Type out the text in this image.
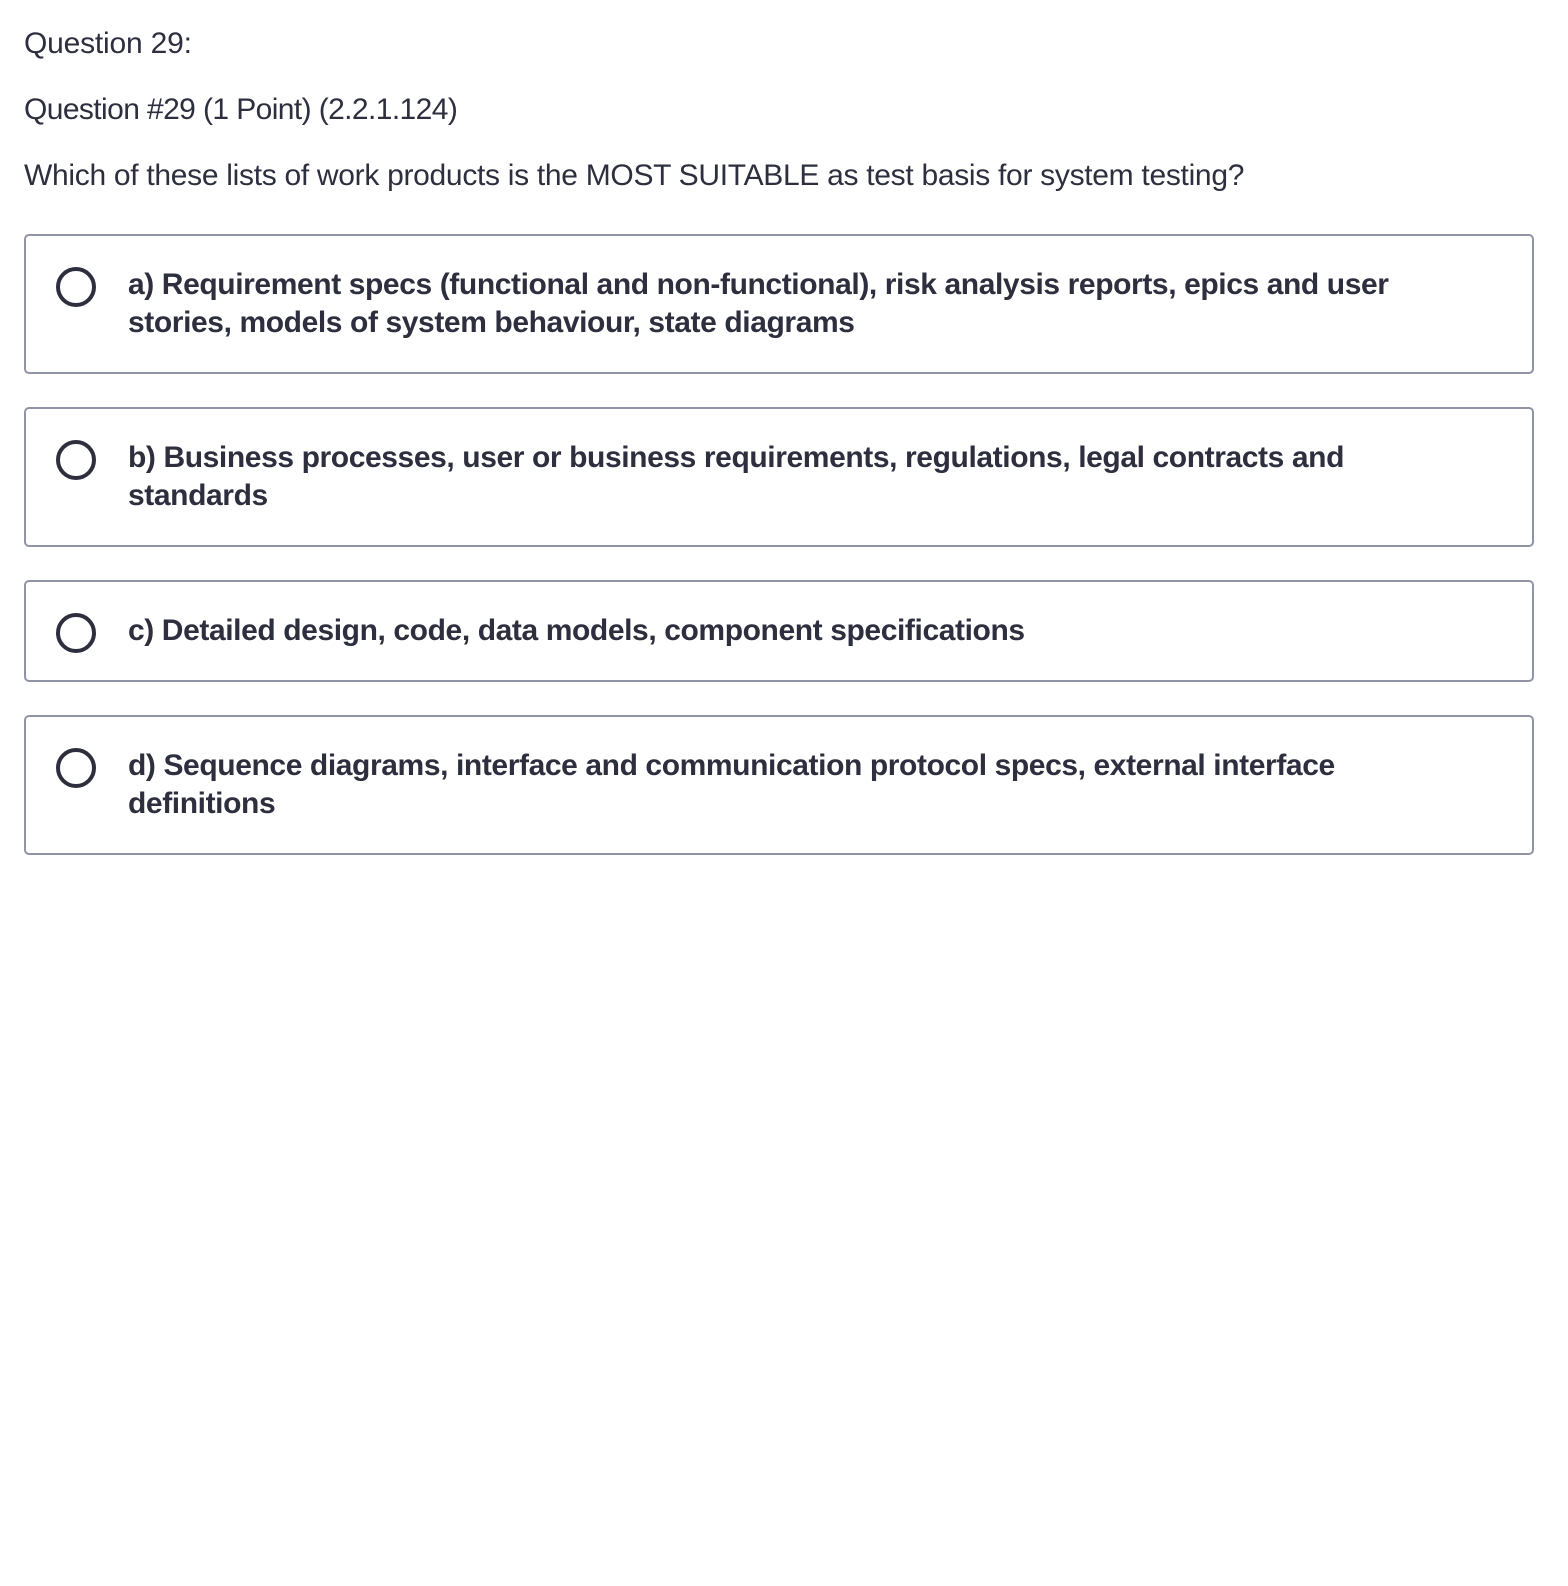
Question 29:
Question #29 (1 Point) (2.2.1.124)
Which of these lists of work products is the MOST SUITABLE as test basis for system testing?
a) Requirement specs (functional and non-functional), risk analysis reports, epics and user stories, models of system behaviour, state diagrams
b) Business processes, user or business requirements, regulations, legal contracts and standards
c) Detailed design, code, data models, component specifications
d) Sequence diagrams, interface and communication protocol specs, external interface definitions
